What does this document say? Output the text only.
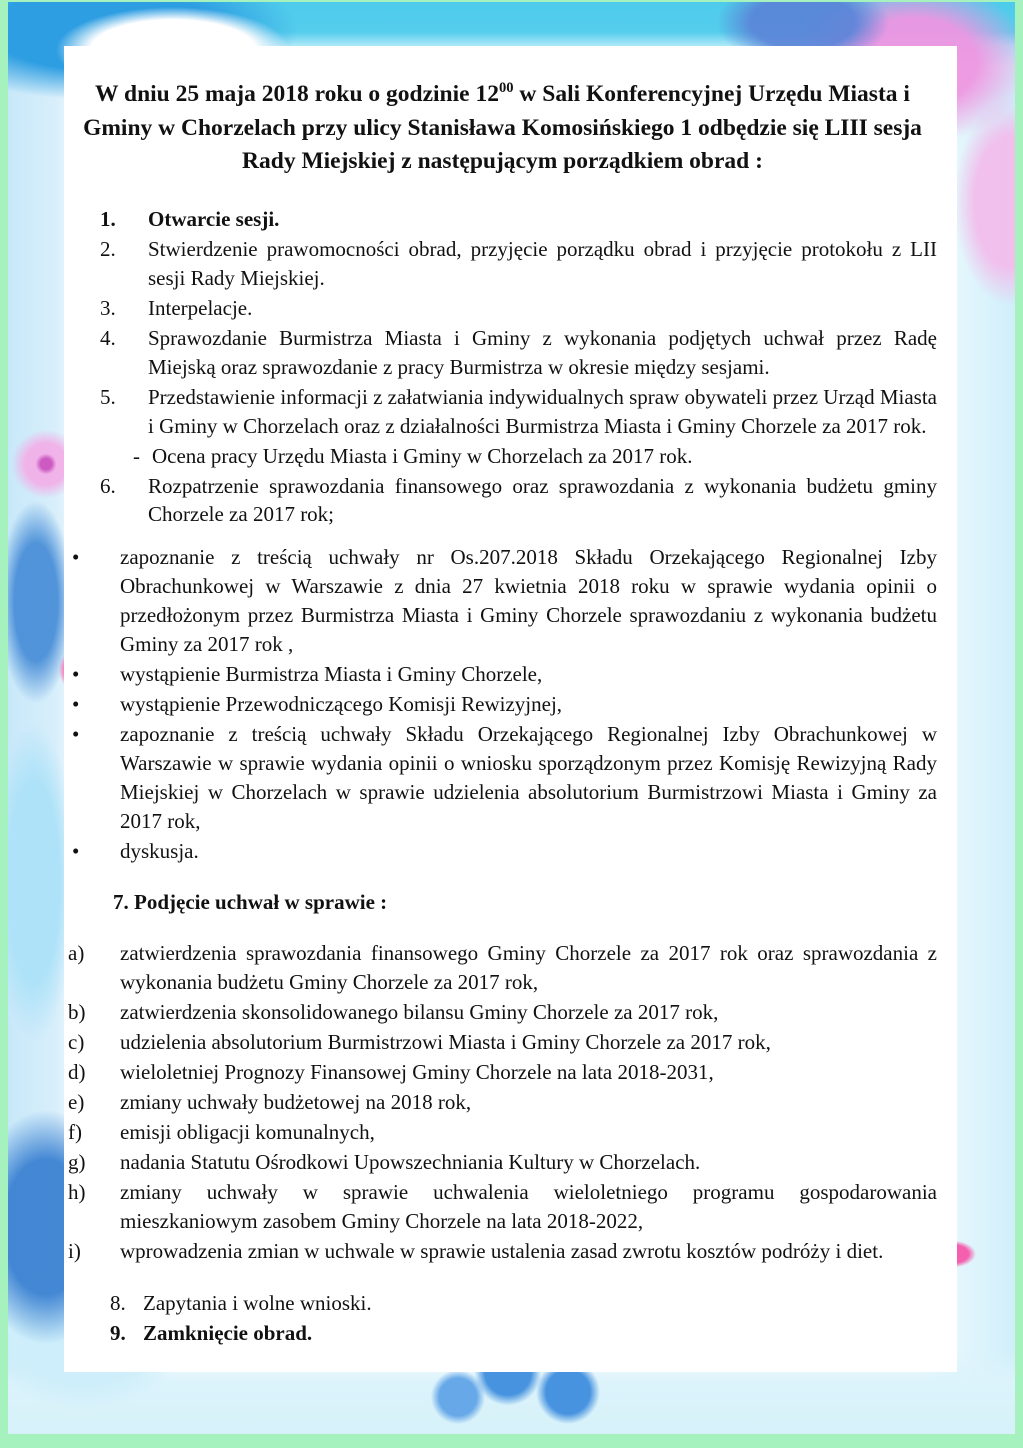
W dniu 25 maja 2018 roku o godzinie $12^{00}$ w Sali Konferencyjnej Urzędu Miasta i Gminy w Chorzelach przy ulicy Stanisława Komosińskiego 1 odbędzie się LIII sesja Rady Miejskiej z następującym porządkiem obrad :
1. Otwarcie sesji.
2. Stwierdzenie prawomocności obrad, przyjęcie porządku obrad i przyjęcie protokołu z LII sesji Rady Miejskiej.
3. Interpelacje.
4. Sprawozdanie Burmistrza Miasta i Gminy z wykonania podjętych uchwał przez Radę Miejską oraz sprawozdanie z pracy Burmistrza w okresie między sesjami.
5. Przedstawienie informacji z załatwiania indywidualnych spraw obywateli przez Urząd Miasta i Gminy w Chorzelach oraz z działalności Burmistrza Miasta i Gminy Chorzele za 2017 rok.
- Ocena pracy Urzędu Miasta i Gminy w Chorzelach za 2017 rok.
6. Rozpatrzenie sprawozdania finansowego oraz sprawozdania z wykonania budżetu gminy Chorzele za 2017 rok;
• zapoznanie z treścią uchwały nr Os.207.2018 Składu Orzekającego Regionalnej Izby Obrachunkowej w Warszawie z dnia 27 kwietnia 2018 roku w sprawie wydania opinii o przedłożonym przez Burmistrza Miasta i Gminy Chorzele sprawozdaniu z wykonania budżetu Gminy za 2017 rok ,
• wystąpienie Burmistrza Miasta i Gminy Chorzele,
• wystąpienie Przewodniczącego Komisji Rewizyjnej,
• zapoznanie z treścią uchwały Składu Orzekającego Regionalnej Izby Obrachunkowej w Warszawie w sprawie wydania opinii o wniosku sporządzonym przez Komisję Rewizyjną Rady Miejskiej w Chorzelach w sprawie udzielenia absolutorium Burmistrzowi Miasta i Gminy za 2017 rok,
• dyskusja.
7. Podjęcie uchwał w sprawie :
a) zatwierdzenia sprawozdania finansowego Gminy Chorzele za 2017 rok oraz sprawozdania z wykonania budżetu Gminy Chorzele za 2017 rok,
b) zatwierdzenia skonsolidowanego bilansu Gminy Chorzele za 2017 rok,
c) udzielenia absolutorium Burmistrzowi Miasta i Gminy Chorzele za 2017 rok,
d) wieloletniej Prognozy Finansowej Gminy Chorzele na lata 2018-2031,
e) zmiany uchwały budżetowej na 2018 rok,
f) emisji obligacji komunalnych,
g) nadania Statutu Ośrodkowi Upowszechniania Kultury w Chorzelach.
h) zmiany uchwały w sprawie uchwalenia wieloletniego programu gospodarowania mieszkaniowym zasobem Gminy Chorzele na lata 2018-2022,
i) wprowadzenia zmian w uchwale w sprawie ustalenia zasad zwrotu kosztów podróży i diet.
8. Zapytania i wolne wnioski.
9. Zamknięcie obrad.
